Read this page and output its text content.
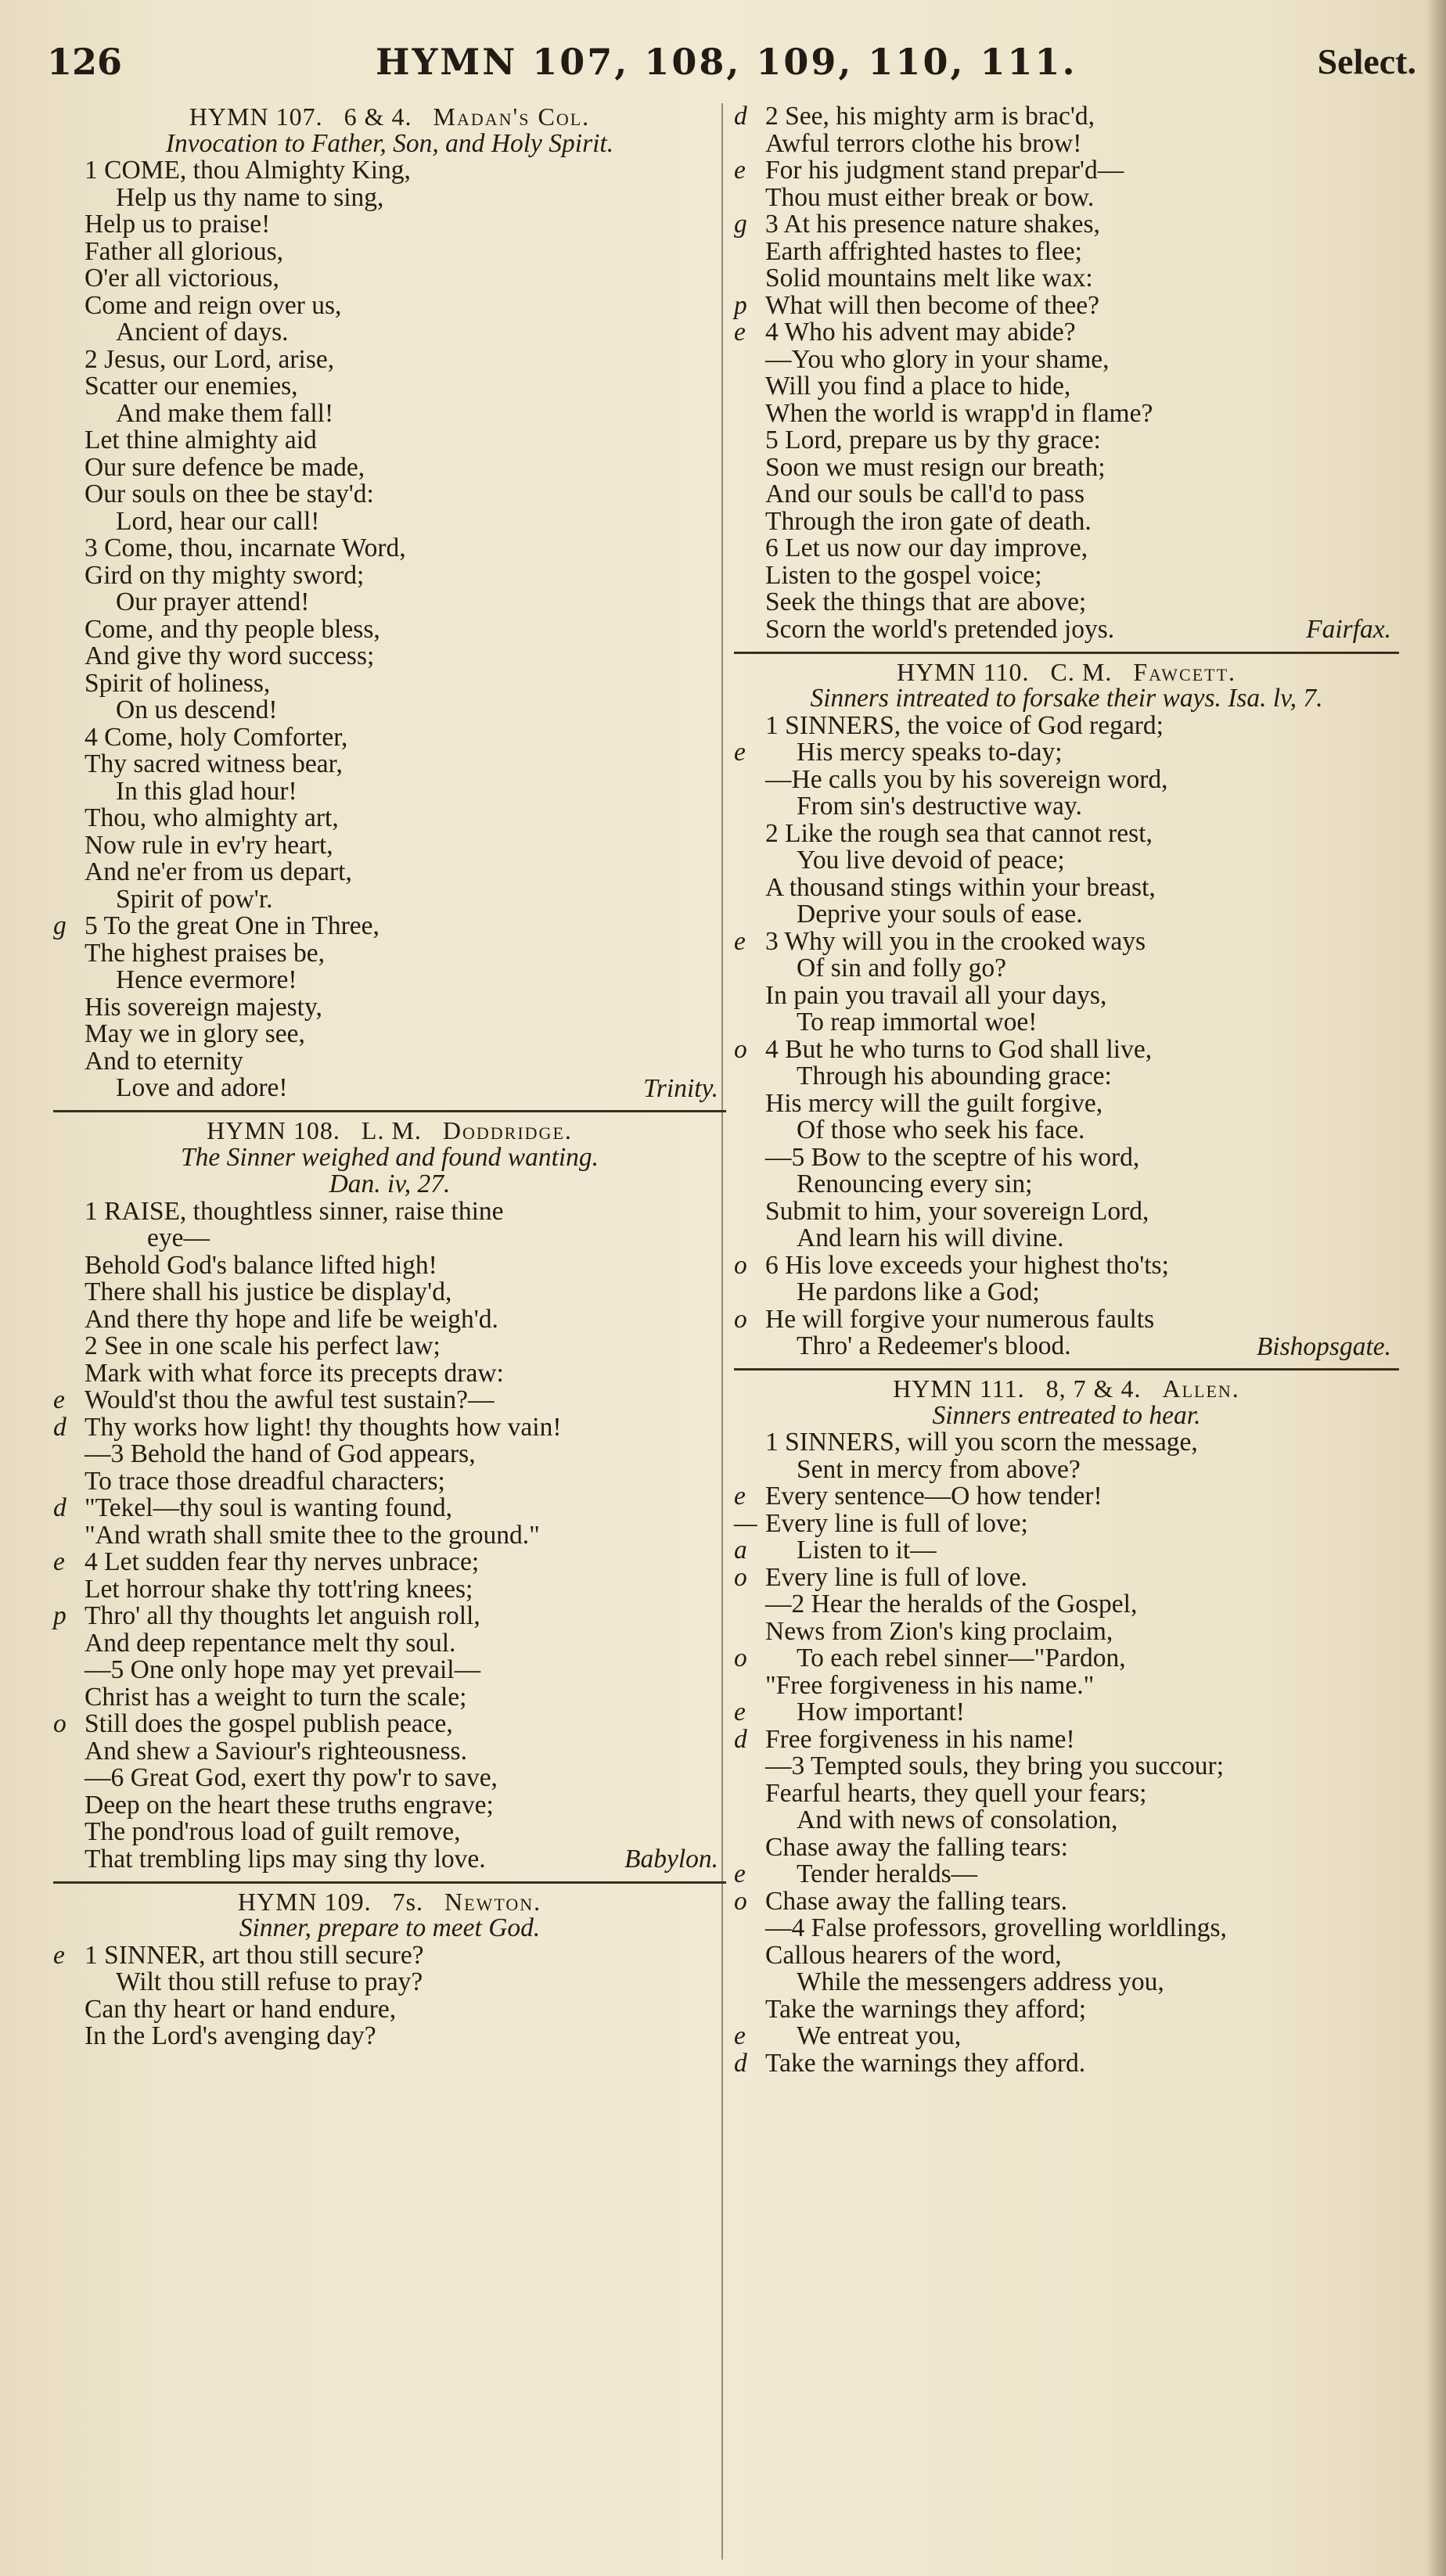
126	HYMN 107, 108, 109, 110, 111.	Select.
HYMN 107. 6 & 4. Madan's Col.
Invocation to Father, Son, and Holy Spirit.
1 COME, thou Almighty King,
Help us thy name to sing,
Help us to praise!
Father all glorious,
O'er all victorious,
Come and reign over us,
Ancient of days.
2 Jesus, our Lord, arise,
Scatter our enemies,
And make them fall!
Let thine almighty aid
Our sure defence be made,
Our souls on thee be stay'd:
Lord, hear our call!
3 Come, thou, incarnate Word,
Gird on thy mighty sword;
Our prayer attend!
Come, and thy people bless,
And give thy word success;
Spirit of holiness,
On us descend!
4 Come, holy Comforter,
Thy sacred witness bear,
In this glad hour!
Thou, who almighty art,
Now rule in ev'ry heart,
And ne'er from us depart,
Spirit of pow'r.
g 5 To the great One in Three,
The highest praises be,
Hence evermore!
His sovereign majesty,
May we in glory see,
And to eternity
Love and adore!	Trinity.
HYMN 108. L. M. Doddridge.
The Sinner weighed and found wanting.
Dan. iv, 27.
1 RAISE, thoughtless sinner, raise thine
eye—
Behold God's balance lifted high!
There shall his justice be display'd,
And there thy hope and life be weigh'd.
2 See in one scale his perfect law;
Mark with what force its precepts draw:
e Would'st thou the awful test sustain?—
d Thy works how light! thy thoughts how vain!
—3 Behold the hand of God appears,
To trace those dreadful characters;
d "Tekel—thy soul is wanting found,
"And wrath shall smite thee to the ground."
e 4 Let sudden fear thy nerves unbrace;
Let horrour shake thy tott'ring knees;
p Thro' all thy thoughts let anguish roll,
And deep repentance melt thy soul.
—5 One only hope may yet prevail—
Christ has a weight to turn the scale;
o Still does the gospel publish peace,
And shew a Saviour's righteousness.
—6 Great God, exert thy pow'r to save,
Deep on the heart these truths engrave;
The pond'rous load of guilt remove,
That trembling lips may sing thy love.	Babylon.
HYMN 109. 7s. Newton.
Sinner, prepare to meet God.
e 1 SINNER, art thou still secure?
Wilt thou still refuse to pray?
Can thy heart or hand endure,
In the Lord's avenging day?
d 2 See, his mighty arm is brac'd,
Awful terrors clothe his brow!
e For his judgment stand prepar'd—
Thou must either break or bow.
g 3 At his presence nature shakes,
Earth affrighted hastes to flee;
Solid mountains melt like wax:
p What will then become of thee?
e 4 Who his advent may abide?
—You who glory in your shame,
Will you find a place to hide,
When the world is wrapp'd in flame?
5 Lord, prepare us by thy grace:
Soon we must resign our breath;
And our souls be call'd to pass
Through the iron gate of death.
6 Let us now our day improve,
Listen to the gospel voice;
Seek the things that are above;
Scorn the world's pretended joys.	Fairfax.
HYMN 110. C. M. Fawcett.
Sinners intreated to forsake their ways. Isa. lv, 7.
1 SINNERS, the voice of God regard;
e	His mercy speaks to-day;
—He calls you by his sovereign word,
From sin's destructive way.
2 Like the rough sea that cannot rest,
You live devoid of peace;
A thousand stings within your breast,
Deprive your souls of ease.
e 3 Why will you in the crooked ways
Of sin and folly go?
In pain you travail all your days,
To reap immortal woe!
o 4 But he who turns to God shall live,
Through his abounding grace:
His mercy will the guilt forgive,
Of those who seek his face.
—5 Bow to the sceptre of his word,
Renouncing every sin;
Submit to him, your sovereign Lord,
And learn his will divine.
o 6 His love exceeds your highest tho'ts;
He pardons like a God;
o He will forgive your numerous faults
Thro' a Redeemer's blood.	Bishopsgate.
HYMN 111. 8, 7 & 4. Allen.
Sinners entreated to hear.
1 SINNERS, will you scorn the message,
Sent in mercy from above?
e Every sentence—O how tender!
— Every line is full of love;
a	Listen to it—
o Every line is full of love.
—2 Hear the heralds of the Gospel,
News from Zion's king proclaim,
o	To each rebel sinner—"Pardon,
"Free forgiveness in his name."
e	How important!
d Free forgiveness in his name!
—3 Tempted souls, they bring you succour;
Fearful hearts, they quell your fears;
And with news of consolation,
Chase away the falling tears:
e	Tender heralds—
o Chase away the falling tears.
—4 False professors, grovelling worldlings,
Callous hearers of the word,
While the messengers address you,
Take the warnings they afford;
e	We entreat you,
d Take the warnings they afford.
